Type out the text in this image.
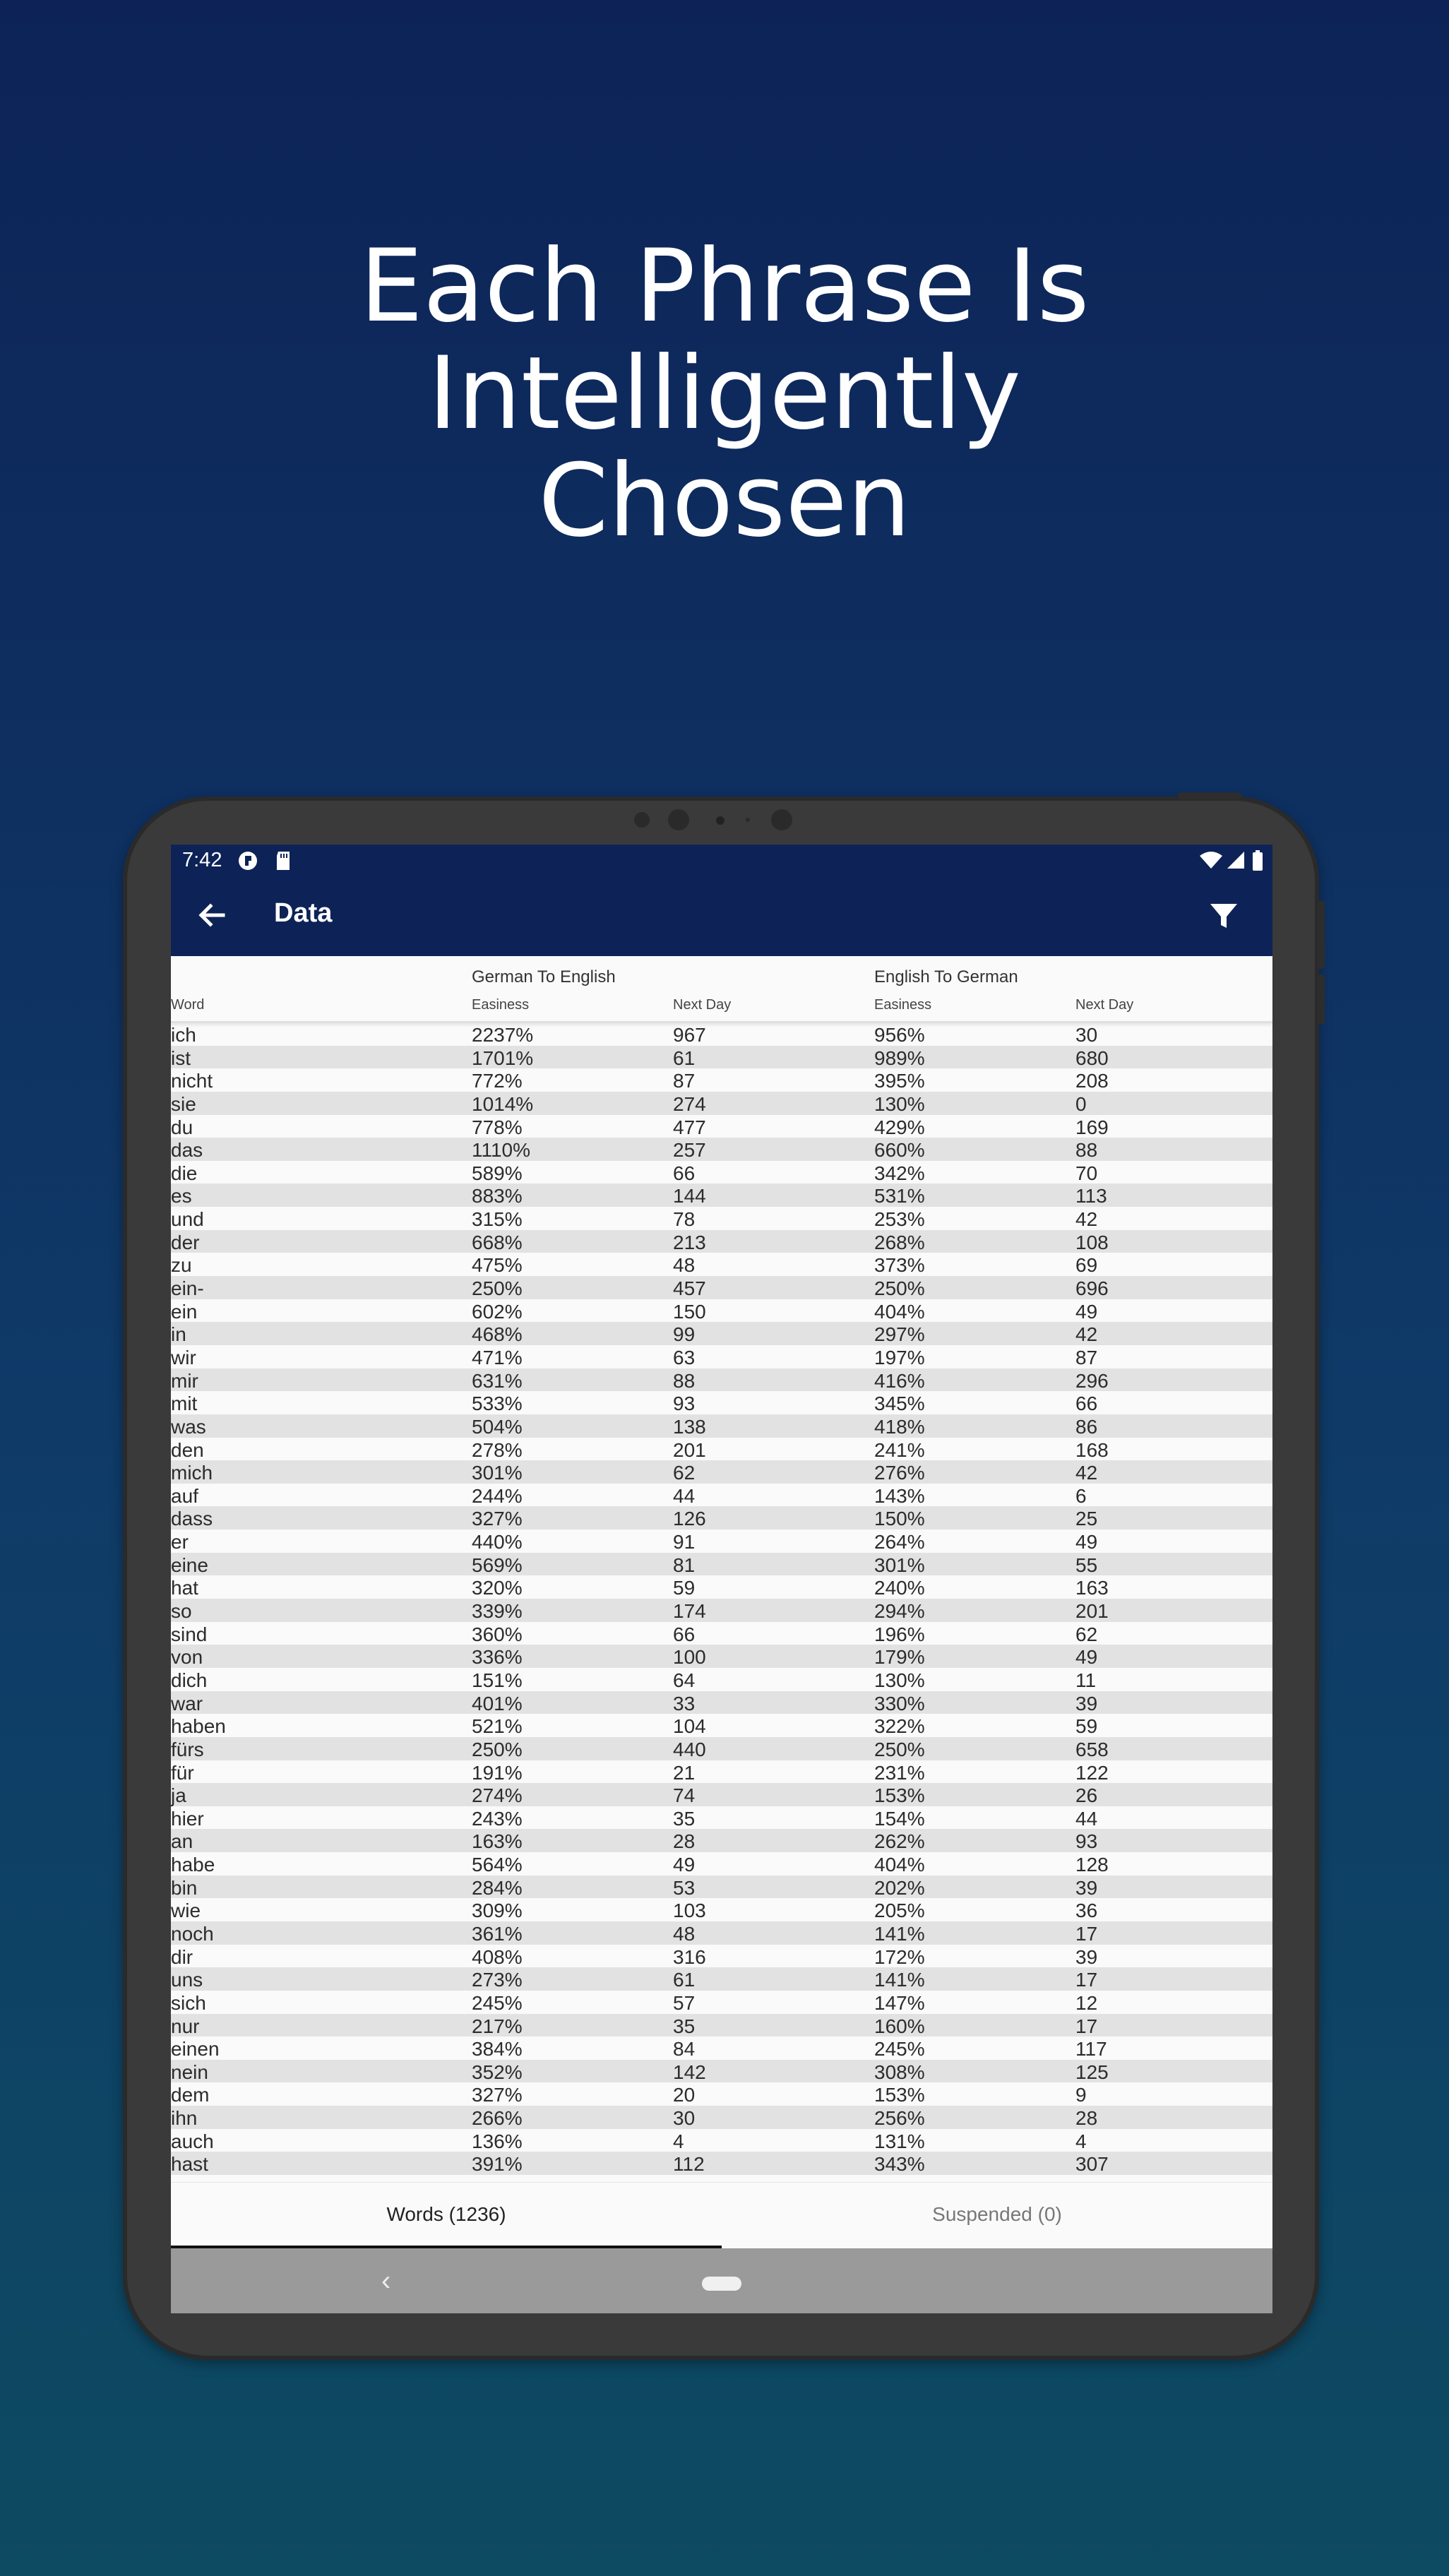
Each Phrase Is
Intelligently
Chosen
7:42
Data
German To English	English To German
Word	Easiness	Next Day	Easiness	Next Day
ich	2237%	967	956%	30
ist	1701%	61	989%	680
nicht	772%	87	395%	208
sie	1014%	274	130%	0
du	778%	477	429%	169
das	1110%	257	660%	88
die	589%	66	342%	70
es	883%	144	531%	113
und	315%	78	253%	42
der	668%	213	268%	108
zu	475%	48	373%	69
ein-	250%	457	250%	696
ein	602%	150	404%	49
in	468%	99	297%	42
wir	471%	63	197%	87
mir	631%	88	416%	296
mit	533%	93	345%	66
was	504%	138	418%	86
den	278%	201	241%	168
mich	301%	62	276%	42
auf	244%	44	143%	6
dass	327%	126	150%	25
er	440%	91	264%	49
eine	569%	81	301%	55
hat	320%	59	240%	163
so	339%	174	294%	201
sind	360%	66	196%	62
von	336%	100	179%	49
dich	151%	64	130%	11
war	401%	33	330%	39
haben	521%	104	322%	59
fürs	250%	440	250%	658
für	191%	21	231%	122
ja	274%	74	153%	26
hier	243%	35	154%	44
an	163%	28	262%	93
habe	564%	49	404%	128
bin	284%	53	202%	39
wie	309%	103	205%	36
noch	361%	48	141%	17
dir	408%	316	172%	39
uns	273%	61	141%	17
sich	245%	57	147%	12
nur	217%	35	160%	17
einen	384%	84	245%	117
nein	352%	142	308%	125
dem	327%	20	153%	9
ihn	266%	30	256%	28
auch	136%	4	131%	4
hast	391%	112	343%	307
Words (1236)	Suspended (0)
‹
